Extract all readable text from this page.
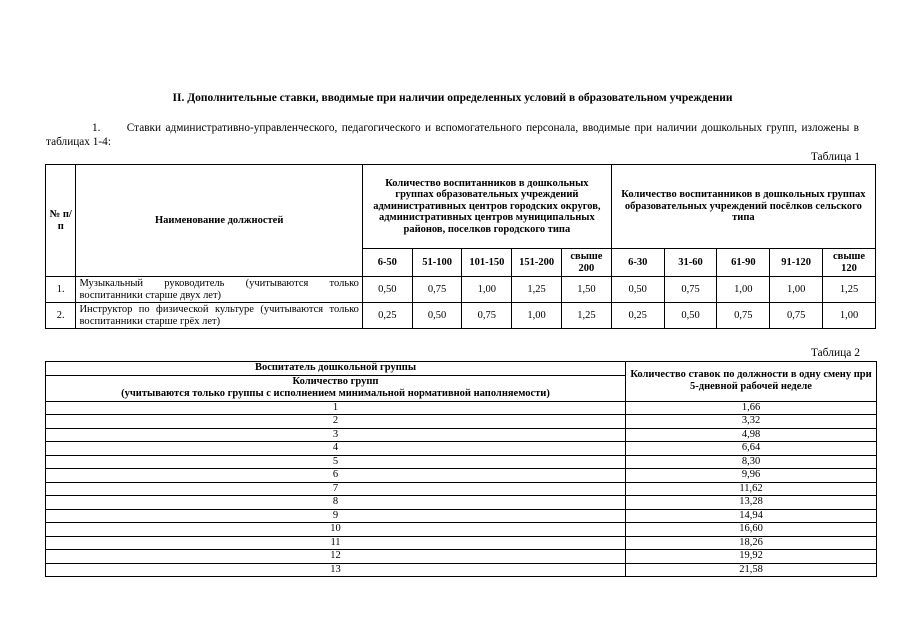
II. Дополнительные ставки, вводимые при наличии определенных условий в образовательном учреждении
1. Ставки административно-управленческого, педагогического и вспомогательного персонала, вводимые при наличии дошкольных групп, изложены в таблицах 1-4:
Таблица 1
№ п/п	Наименование должностей	Количество воспитанников в дошкольных группах образовательных учреждений административных центров городских округов, административных центров муниципальных районов, поселков городского типа					Количество воспитанников в дошкольных группах образовательных учреждений посёлков сельского типа				
		6-50	51-100	101-150	151-200	свыше 200	6-30	31-60	61-90	91-120	свыше 120
1.	Музыкальный руководитель (учитываются только воспитанники старше двух лет)	0,50	0,75	1,00	1,25	1,50	0,50	0,75	1,00	1,00	1,25
2.	Инструктор по физической культуре (учитываются только воспитанники старше грёх лет)	0,25	0,50	0,75	1,00	1,25	0,25	0,50	0,75	0,75	1,00
Таблица 2
Воспитатель дошкольной группы	Количество ставок по должности в одну смену при 5-дневной рабочей неделе
Количество групп
(учитываются только группы с исполнением минимальной нормативной наполняемости)	
1	1,66
2	3,32
3	4,98
4	6,64
5	8,30
6	9,96
7	11,62
8	13,28
9	14,94
10	16,60
11	18,26
12	19,92
13	21,58
